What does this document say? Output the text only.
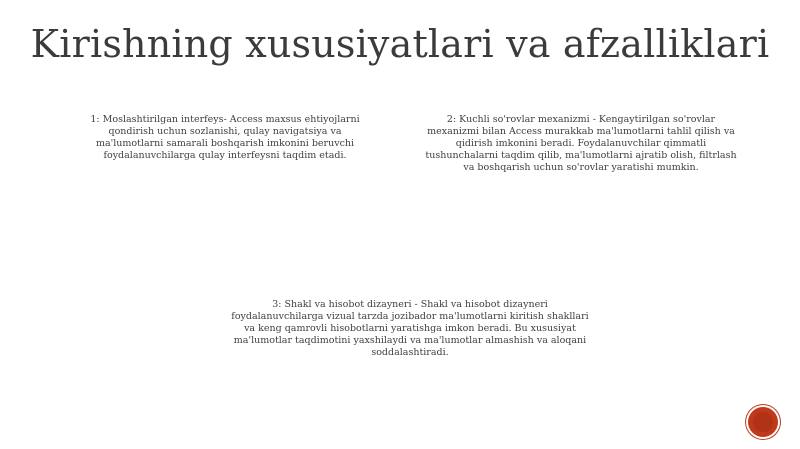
Kirishning xususiyatlari va afzalliklari
1: Moslashtirilgan interfeys- Access maxsus ehtiyojlarni qondirish uchun sozlanishi, qulay navigatsiya va ma'lumotlarni samarali boshqarish imkonini beruvchi foydalanuvchilarga qulay interfeysni taqdim etadi.
2: Kuchli so'rovlar mexanizmi - Kengaytirilgan so'rovlar mexanizmi bilan Access murakkab ma'lumotlarni tahlil qilish va qidirish imkonini beradi. Foydalanuvchilar qimmatli tushunchalarni taqdim qilib, ma'lumotlarni ajratib olish, filtrlash va boshqarish uchun so'rovlar yaratishi mumkin.
3: Shakl va hisobot dizayneri - Shakl va hisobot dizayneri foydalanuvchilarga vizual tarzda jozibador ma'lumotlarni kiritish shakllari va keng qamrovli hisobotlarni yaratishga imkon beradi. Bu xususiyat ma'lumotlar taqdimotini yaxshilaydi va ma'lumotlar almashish va aloqani soddalashtiradi.
